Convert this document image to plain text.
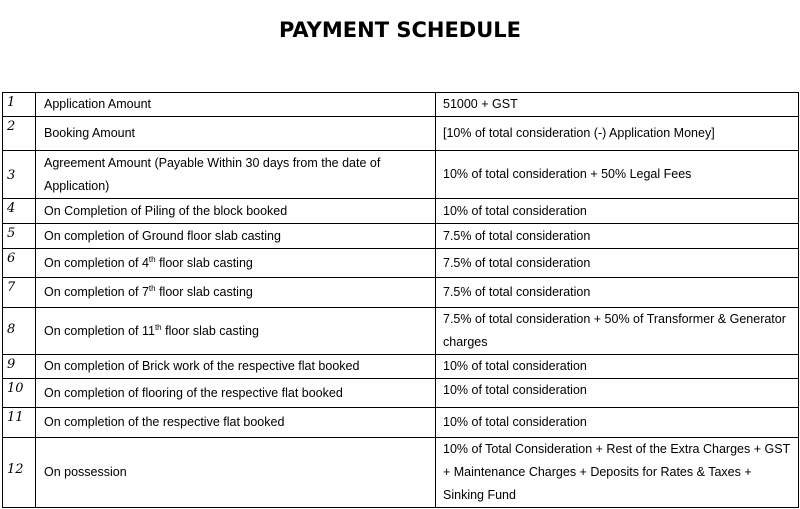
PAYMENT SCHEDULE
1	Application Amount	51000 + GST
2	Booking Amount	[10% of total consideration (-) Application Money]
3	Agreement Amount (Payable Within 30 days from the date of Application)	10% of total consideration + 50% Legal Fees
4	On Completion of Piling of the block booked	10% of total consideration
5	On completion of Ground floor slab casting	7.5% of total consideration
6	On completion of 4th floor slab casting	7.5% of total consideration
7	On completion of 7th floor slab casting	7.5% of total consideration
8	On completion of 11th floor slab casting	7.5% of total consideration + 50% of Transformer & Generator charges
9	On completion of Brick work of the respective flat booked	10% of total consideration
10	On completion of flooring of the respective flat booked	10% of total consideration
11	On completion of the respective flat booked	10% of total consideration
12	On possession	10% of Total Consideration + Rest of the Extra Charges + GST + Maintenance Charges + Deposits for Rates & Taxes + Sinking Fund
